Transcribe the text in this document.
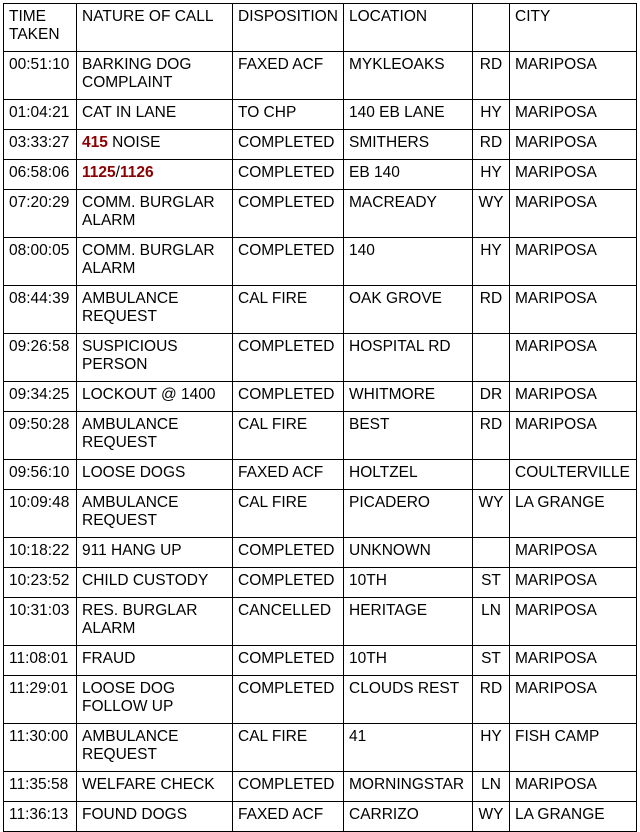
TIME TAKEN	NATURE OF CALL	DISPOSITION	LOCATION		CITY
00:51:10	BARKING DOG COMPLAINT	FAXED ACF	MYKLEOAKS	RD	MARIPOSA
01:04:21	CAT IN LANE	TO CHP	140 EB LANE	HY	MARIPOSA
03:33:27	415 NOISE	COMPLETED	SMITHERS	RD	MARIPOSA
06:58:06	1125/1126	COMPLETED	EB 140	HY	MARIPOSA
07:20:29	COMM. BURGLAR ALARM	COMPLETED	MACREADY	WY	MARIPOSA
08:00:05	COMM. BURGLAR ALARM	COMPLETED	140	HY	MARIPOSA
08:44:39	AMBULANCE REQUEST	CAL FIRE	OAK GROVE	RD	MARIPOSA
09:26:58	SUSPICIOUS PERSON	COMPLETED	HOSPITAL RD		MARIPOSA
09:34:25	LOCKOUT @ 1400	COMPLETED	WHITMORE	DR	MARIPOSA
09:50:28	AMBULANCE REQUEST	CAL FIRE	BEST	RD	MARIPOSA
09:56:10	LOOSE DOGS	FAXED ACF	HOLTZEL		COULTERVILLE
10:09:48	AMBULANCE REQUEST	CAL FIRE	PICADERO	WY	LA GRANGE
10:18:22	911 HANG UP	COMPLETED	UNKNOWN		MARIPOSA
10:23:52	CHILD CUSTODY	COMPLETED	10TH	ST	MARIPOSA
10:31:03	RES. BURGLAR ALARM	CANCELLED	HERITAGE	LN	MARIPOSA
11:08:01	FRAUD	COMPLETED	10TH	ST	MARIPOSA
11:29:01	LOOSE DOG FOLLOW UP	COMPLETED	CLOUDS REST	RD	MARIPOSA
11:30:00	AMBULANCE REQUEST	CAL FIRE	41	HY	FISH CAMP
11:35:58	WELFARE CHECK	COMPLETED	MORNINGSTAR	LN	MARIPOSA
11:36:13	FOUND DOGS	FAXED ACF	CARRIZO	WY	LA GRANGE
